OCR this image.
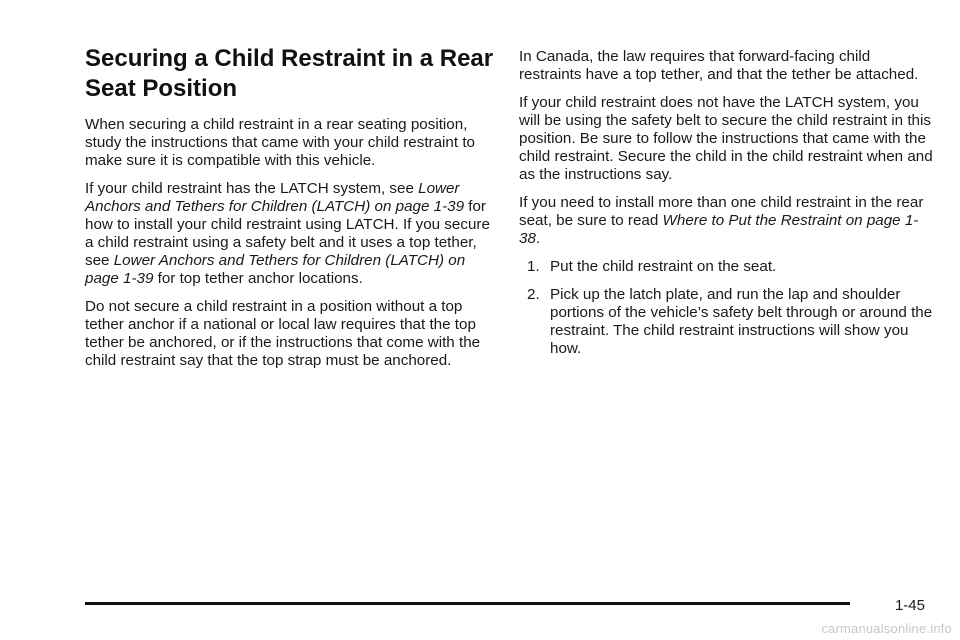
Securing a Child Restraint in a Rear Seat Position

When securing a child restraint in a rear seating position, study the instructions that came with your child restraint to make sure it is compatible with this vehicle.

If your child restraint has the LATCH system, see Lower Anchors and Tethers for Children (LATCH) on page 1-39 for how to install your child restraint using LATCH. If you secure a child restraint using a safety belt and it uses a top tether, see Lower Anchors and Tethers for Children (LATCH) on page 1-39 for top tether anchor locations.

Do not secure a child restraint in a position without a top tether anchor if a national or local law requires that the top tether be anchored, or if the instructions that come with the child restraint say that the top strap must be anchored.

In Canada, the law requires that forward-facing child restraints have a top tether, and that the tether be attached.

If your child restraint does not have the LATCH system, you will be using the safety belt to secure the child restraint in this position. Be sure to follow the instructions that came with the child restraint. Secure the child in the child restraint when and as the instructions say.

If you need to install more than one child restraint in the rear seat, be sure to read Where to Put the Restraint on page 1-38.

1. Put the child restraint on the seat.
2. Pick up the latch plate, and run the lap and shoulder portions of the vehicle’s safety belt through or around the restraint. The child restraint instructions will show you how.
1-45
carmanualsonline.info
